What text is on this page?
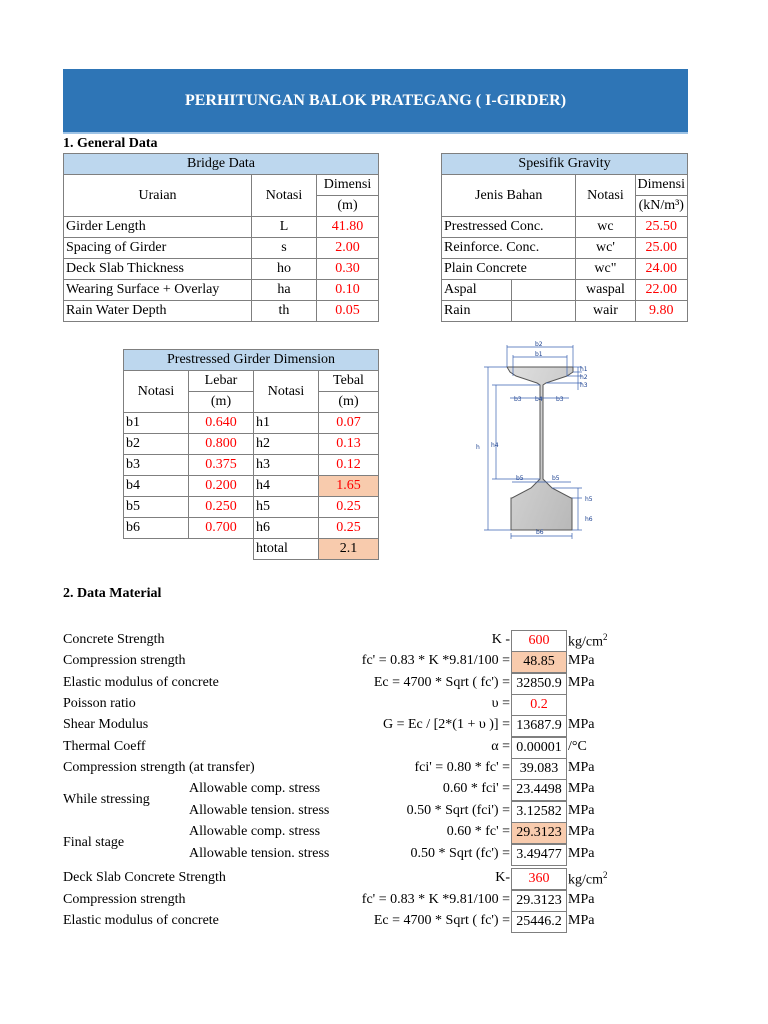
PERHITUNGAN BALOK PRATEGANG ( I-GIRDER)
1. General Data
Bridge Data		
Uraian	Notasi	Dimensi
		(m)
Girder Length	L	41.80
Spacing of Girder	s	2.00
Deck Slab Thickness	ho	0.30
Wearing Surface + Overlay	ha	0.10
Rain Water Depth	th	0.05
Spesifik Gravity			
Jenis Bahan		Notasi	Dimensi
			(kN/m³)
Prestressed Conc.		wc	25.50
Reinforce. Conc.		wc'	25.00
Plain Concrete		wc"	24.00
Aspal		waspal	22.00
Rain		wair	9.80
Prestressed Girder Dimension			
Notasi	Lebar	Notasi	Tebal
	(m)		(m)
b1	0.640	h1	0.07
b2	0.800	h2	0.13
b3	0.375	h3	0.12
b4	0.200	h4	1.65
b5	0.250	h5	0.25
b6	0.700	h6	0.25
		htotal	2.1
b2
b1
h1
h2
h3
b3 b4 b3
h h4
b5	b5
h5
h6
b6
2. Data Material
Concrete Strength	K -	600	$kg/cm^2$
Compression strength	fc' = 0.83 * K *9.81/100 = 48.85 MPa
Elastic modulus of concrete	Ec = 4700 * Sqrt ( fc') = 32850.9 MPa
Poisson ratio	υ =	0.2
Shear Modulus	G = Ec / [2*(1 + υ )] = 13687.9 MPa
Thermal Coeff	α = 0.00001 /°C
Compression strength (at transfer)	fci' = 0.80 * fc' = 39.083 MPa
While stressing
Allowable comp. stress	0.60 * fci' = 23.4498 MPa
Allowable tension. stress	0.50 * Sqrt (fci') = 3.12582 MPa
Final stage
Allowable comp. stress	0.60 * fc' = 29.3123 MPa
Allowable tension. stress	0.50 * Sqrt (fc') = 3.49477 MPa
Deck Slab Concrete Strength	K-	360	$kg/cm^2$
Compression strength	fc' = 0.83 * K *9.81/100 = 29.3123 MPa
Elastic modulus of concrete	Ec = 4700 * Sqrt ( fc') = 25446.2 MPa
